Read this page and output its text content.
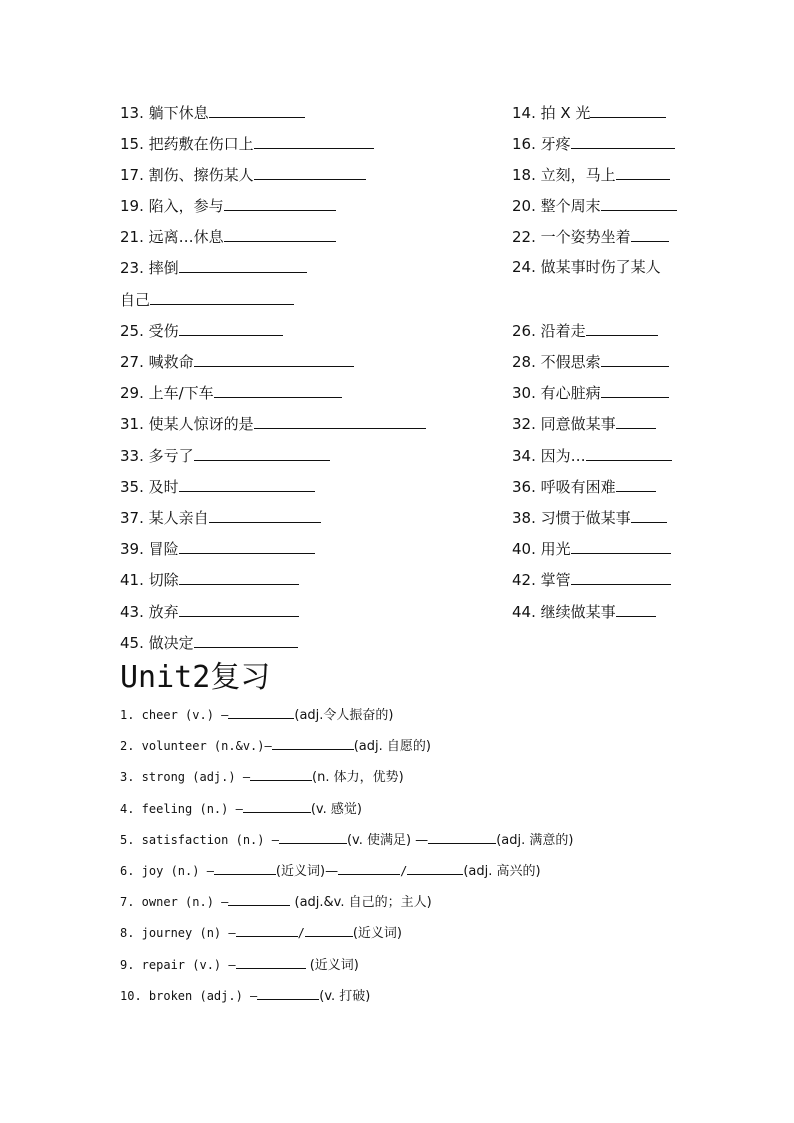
13. 躺下休息	14. 拍 X 光
15. 把药敷在伤口上	16. 牙疼
17. 割伤、擦伤某人	18. 立刻，马上
19. 陷入，参与	20. 整个周末
21. 远离…休息	22. 一个姿势坐着
23. 摔倒	24. 做某事时伤了某人
自己
25. 受伤	26. 沿着走
27. 喊救命	28. 不假思索
29. 上车/下车	30. 有心脏病
31. 使某人惊讶的是	32. 同意做某事
33. 多亏了	34. 因为…
35. 及时	36. 呼吸有困难
37. 某人亲自	38. 习惯于做某事
39. 冒险	40. 用光
41. 切除	42. 掌管
43. 放弃	44. 继续做某事
45. 做决定
Unit2复习
1. cheer (v.) —	(adj.令人振奋的)
2. volunteer (n.&v.)—	(adj. 自愿的)
3. strong (adj.) —	(n. 体力，优势)
4. feeling (n.) —	(v. 感觉)
5. satisfaction (n.) —	(v. 使满足) —	(adj. 满意的)
6. joy (n.) —	(近义词)—	/	(adj. 高兴的)
7. owner (n.) —	(adj.&v. 自己的；主人)
8. journey (n) —	/	(近义词)
9. repair (v.) —	(近义词)
10. broken (adj.) —	(v. 打破)
